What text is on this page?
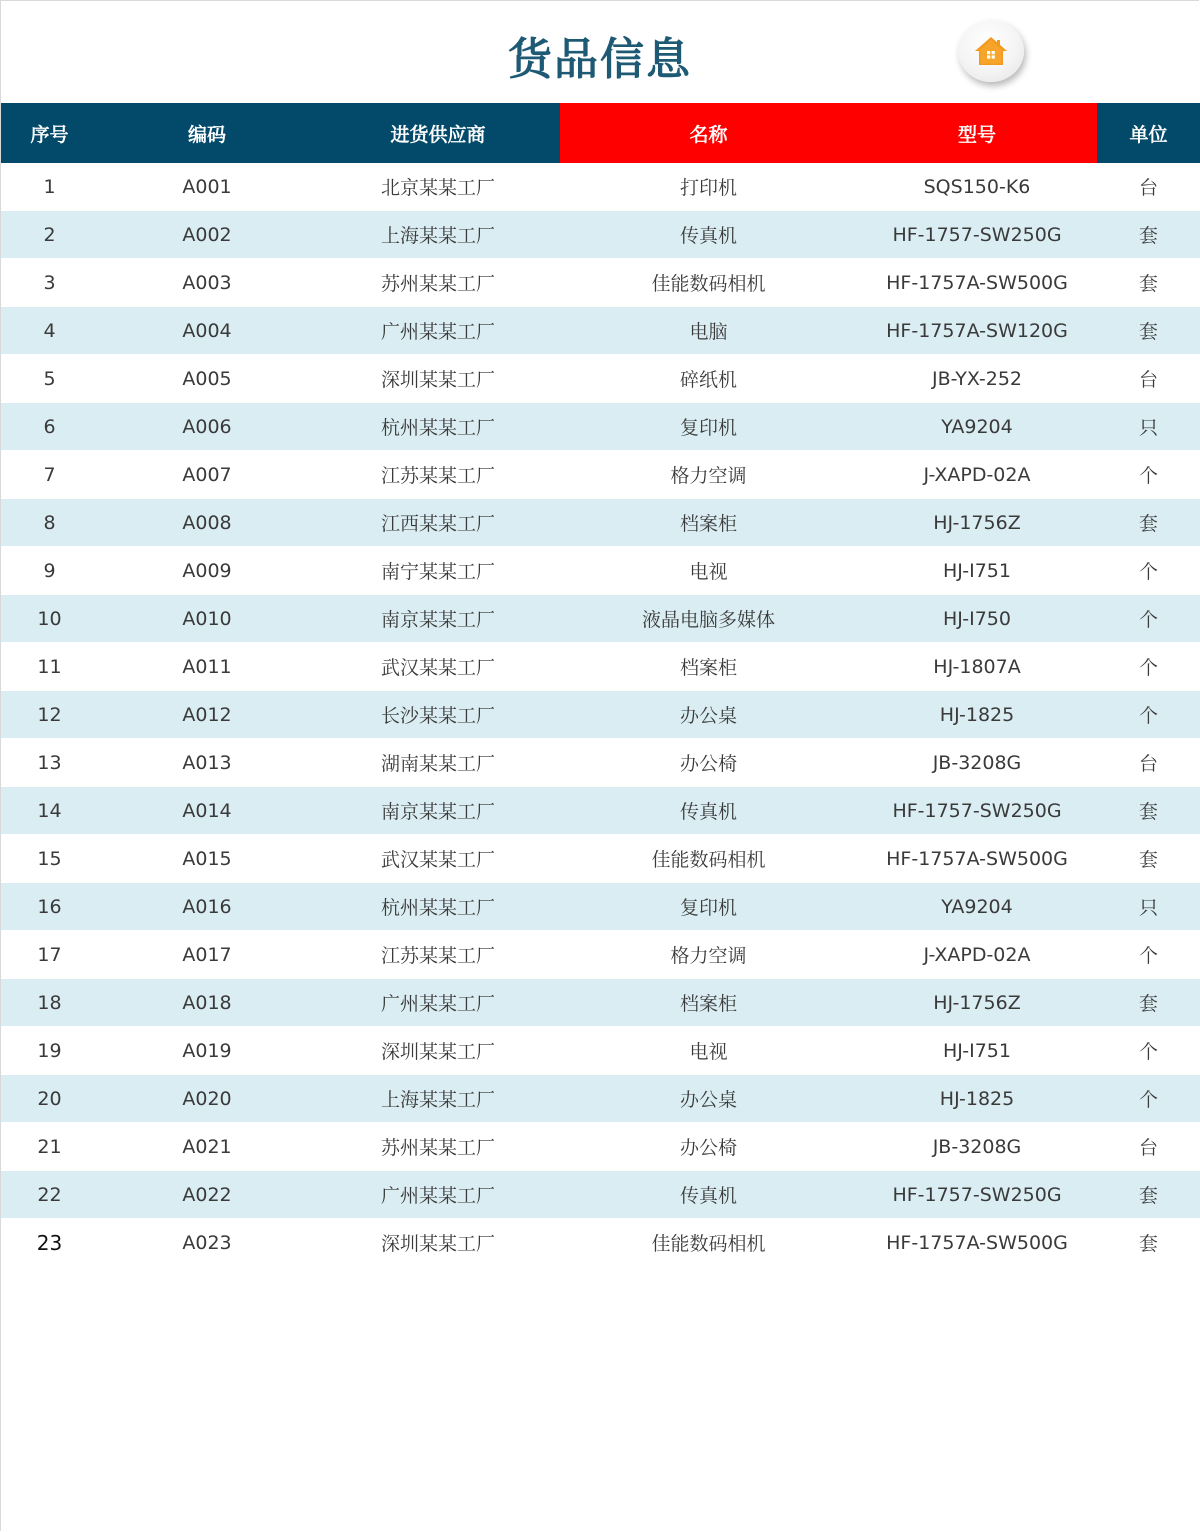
货品信息
序号	编码	进货供应商	名称	型号	单位
1	A001	北京某某工厂	打印机	SQS150-K6	台
2	A002	上海某某工厂	传真机	HF-1757-SW250G	套
3	A003	苏州某某工厂	佳能数码相机	HF-1757A-SW500G	套
4	A004	广州某某工厂	电脑	HF-1757A-SW120G	套
5	A005	深圳某某工厂	碎纸机	JB-YX-252	台
6	A006	杭州某某工厂	复印机	YA9204	只
7	A007	江苏某某工厂	格力空调	J-XAPD-02A	个
8	A008	江西某某工厂	档案柜	HJ-1756Z	套
9	A009	南宁某某工厂	电视	HJ-I751	个
10	A010	南京某某工厂	液晶电脑多媒体	HJ-I750	个
11	A011	武汉某某工厂	档案柜	HJ-1807A	个
12	A012	长沙某某工厂	办公桌	HJ-1825	个
13	A013	湖南某某工厂	办公椅	JB-3208G	台
14	A014	南京某某工厂	传真机	HF-1757-SW250G	套
15	A015	武汉某某工厂	佳能数码相机	HF-1757A-SW500G	套
16	A016	杭州某某工厂	复印机	YA9204	只
17	A017	江苏某某工厂	格力空调	J-XAPD-02A	个
18	A018	广州某某工厂	档案柜	HJ-1756Z	套
19	A019	深圳某某工厂	电视	HJ-I751	个
20	A020	上海某某工厂	办公桌	HJ-1825	个
21	A021	苏州某某工厂	办公椅	JB-3208G	台
22	A022	广州某某工厂	传真机	HF-1757-SW250G	套
23	A023	深圳某某工厂	佳能数码相机	HF-1757A-SW500G	套
